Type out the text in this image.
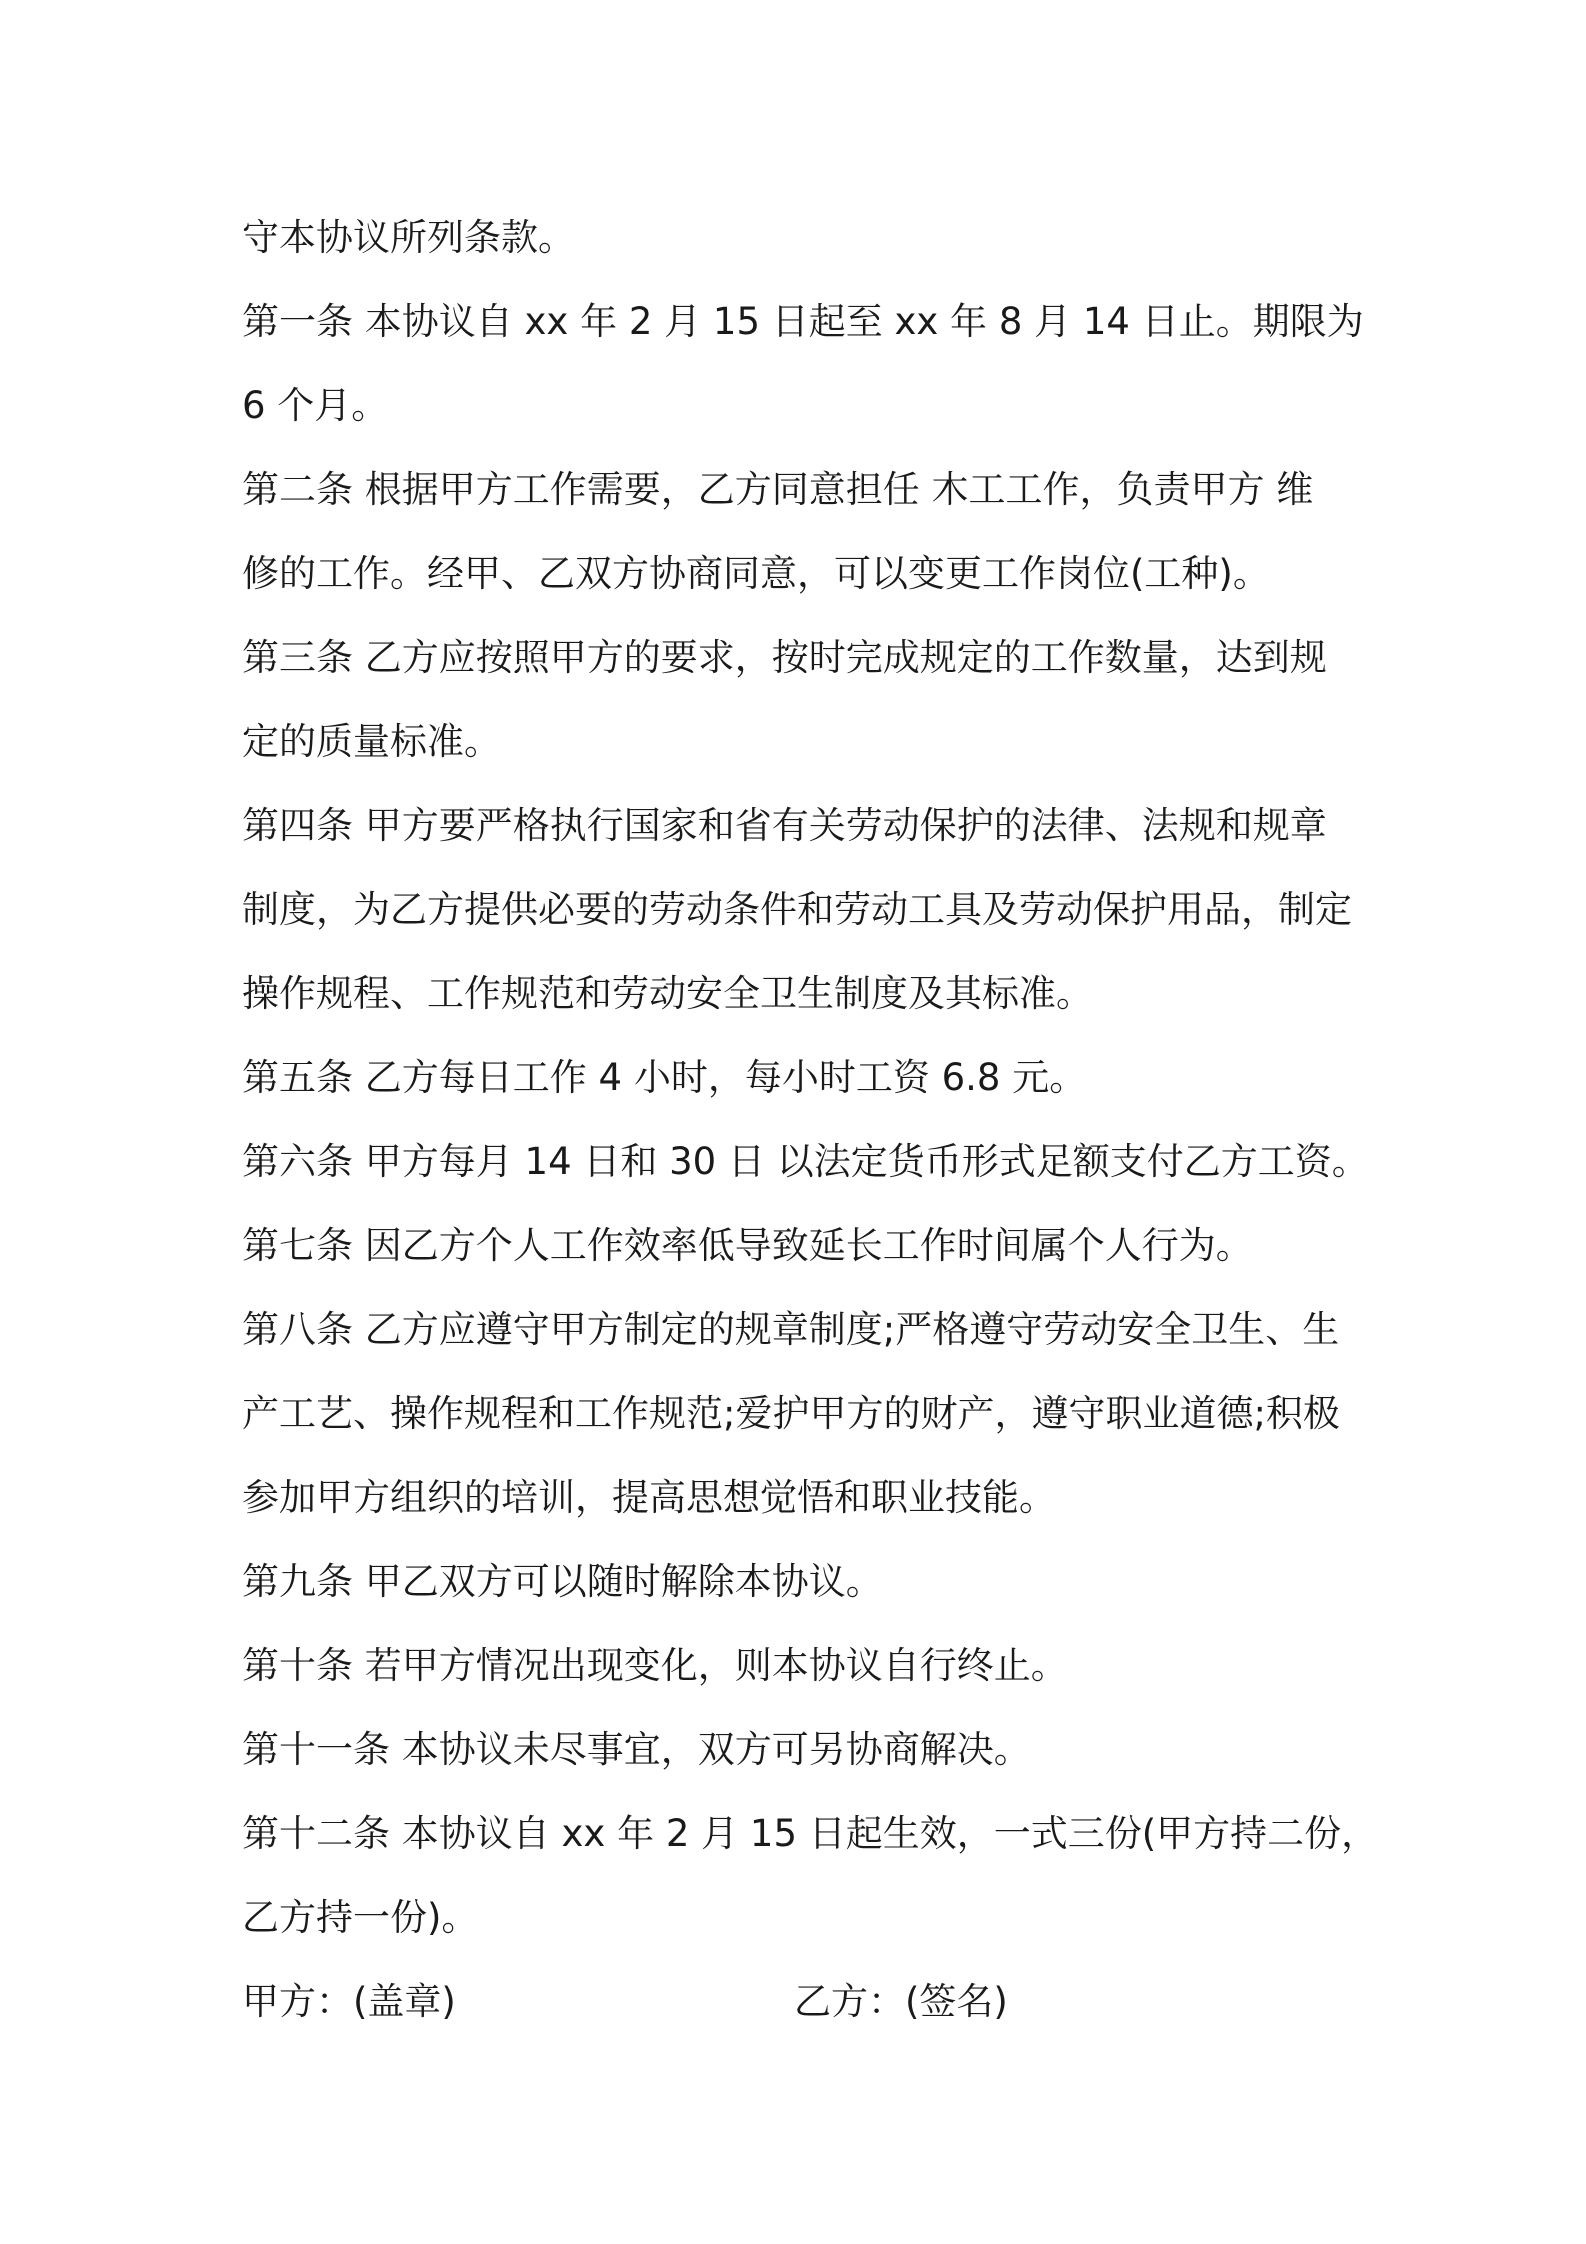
守本协议所列条款。
第一条 本协议自 xx 年 2 月 15 日起至 xx 年 8 月 14 日止。期限为
6 个月。
第二条 根据甲方工作需要，乙方同意担任 木工工作，负责甲方 维
修的工作。经甲、乙双方协商同意，可以变更工作岗位(工种)。
第三条 乙方应按照甲方的要求，按时完成规定的工作数量，达到规
定的质量标准。
第四条 甲方要严格执行国家和省有关劳动保护的法律、法规和规章
制度，为乙方提供必要的劳动条件和劳动工具及劳动保护用品，制定
操作规程、工作规范和劳动安全卫生制度及其标准。
第五条 乙方每日工作 4 小时，每小时工资 6.8 元。
第六条 甲方每月 14 日和 30 日 以法定货币形式足额支付乙方工资。
第七条 因乙方个人工作效率低导致延长工作时间属个人行为。
第八条 乙方应遵守甲方制定的规章制度;严格遵守劳动安全卫生、生
产工艺、操作规程和工作规范;爱护甲方的财产，遵守职业道德;积极
参加甲方组织的培训，提高思想觉悟和职业技能。
第九条 甲乙双方可以随时解除本协议。
第十条 若甲方情况出现变化，则本协议自行终止。
第十一条 本协议未尽事宜，双方可另协商解决。
第十二条 本协议自 xx 年 2 月 15 日起生效，一式三份(甲方持二份，
乙方持一份)。
甲方：(盖章)	乙方：(签名)
